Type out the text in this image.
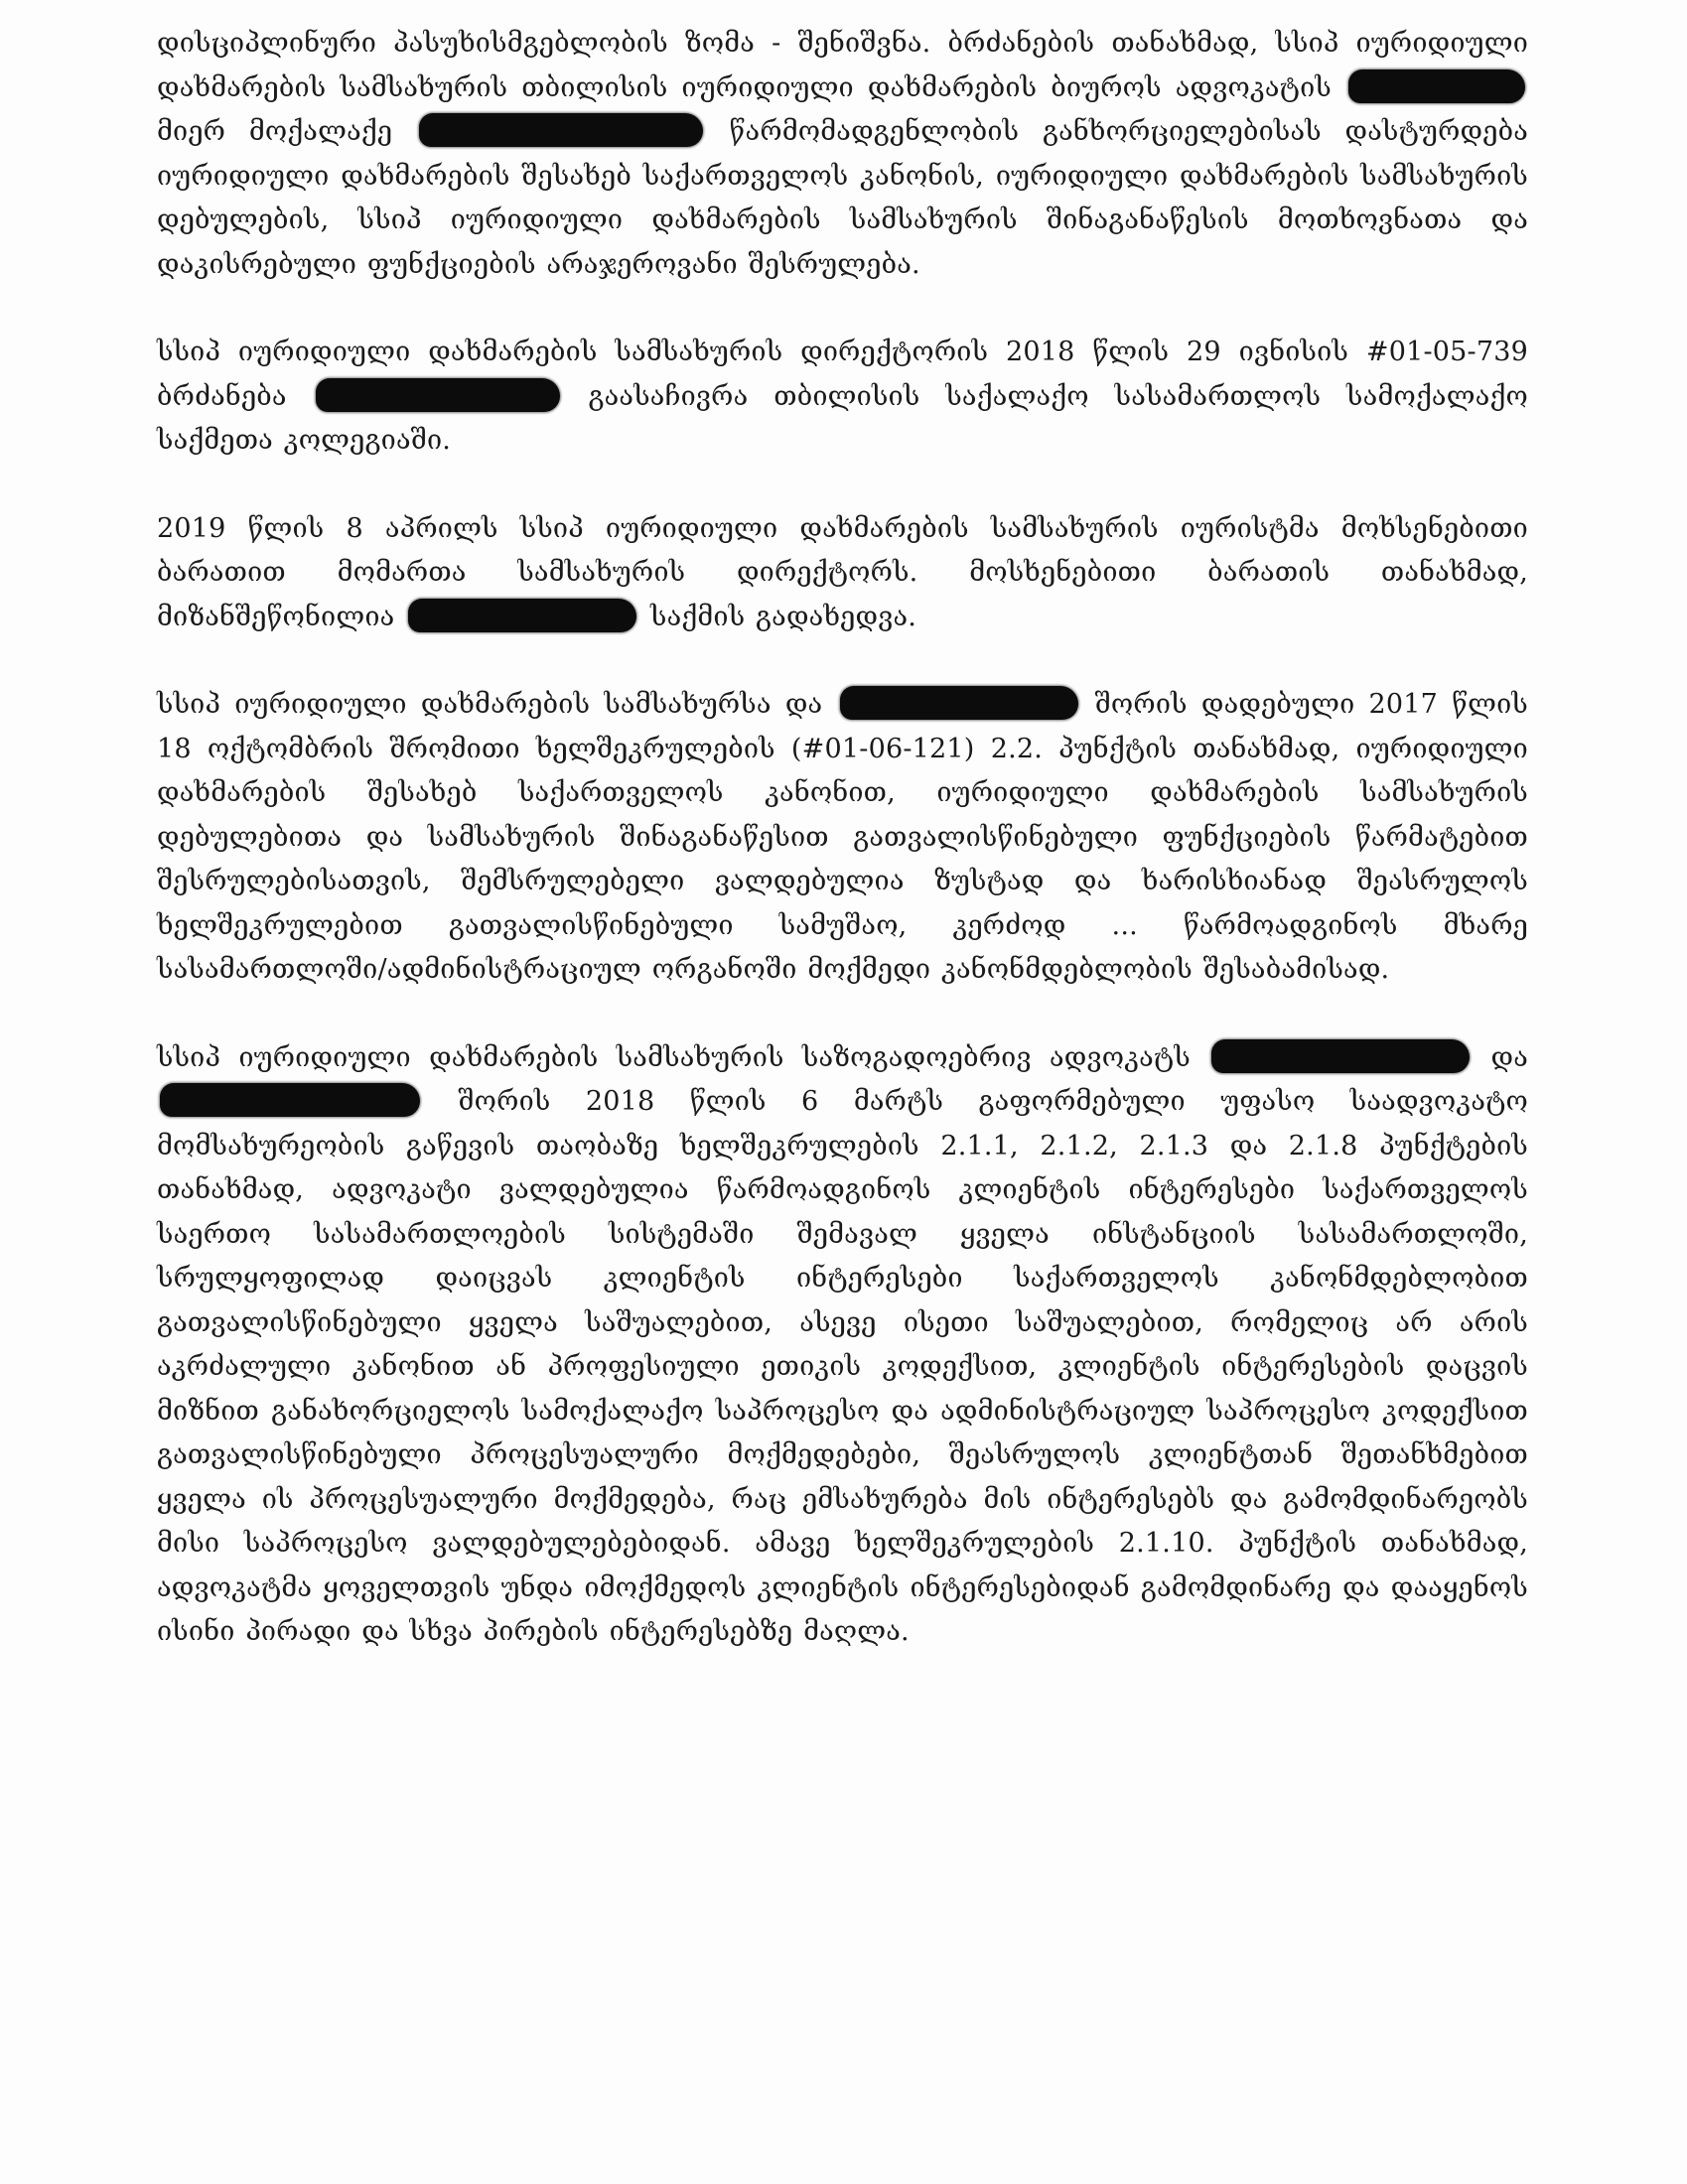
დისციპლინური პასუხისმგებლობის ზომა - შენიშვნა. ბრძანების თანახმად, სსიპ იურიდიული დახმარების სამსახურის თბილისის იურიდიული დახმარების ბიუროს ადვოკატის  მიერ მოქალაქე	წარმომადგენლობის განხორციელებისას დასტურდება იურიდიული დახმარების შესახებ საქართველოს კანონის, იურიდიული დახმარების სამსახურის დებულების, სსიპ იურიდიული დახმარების სამსახურის შინაგანაწესის მოთხოვნათა და დაკისრებული ფუნქციების არაჯეროვანი შესრულება.

სსიპ იურიდიული დახმარების სამსახურის დირექტორის 2018 წლის 29 ივნისის #01-05-739 ბრძანება	გაასაჩივრა თბილისის საქალაქო სასამართლოს სამოქალაქო საქმეთა კოლეგიაში.

2019 წლის 8 აპრილს სსიპ იურიდიული დახმარების სამსახურის იურისტმა მოხსენებითი ბარათით მომართა სამსახურის დირექტორს. მოსხენებითი ბარათის თანახმად, მიზანშეწონილია	საქმის გადახედვა.

სსიპ იურიდიული დახმარების სამსახურსა და	შორის დადებული 2017 წლის 18 ოქტომბრის შრომითი ხელშეკრულების (#01-06-121) 2.2. პუნქტის თანახმად, იურიდიული დახმარების შესახებ საქართველოს კანონით, იურიდიული დახმარების სამსახურის დებულებითა და სამსახურის შინაგანაწესით გათვალისწინებული ფუნქციების წარმატებით შესრულებისათვის, შემსრულებელი ვალდებულია ზუსტად და ხარისხიანად შეასრულოს ხელშეკრულებით გათვალისწინებული სამუშაო, კერძოდ ... წარმოადგინოს მხარე სასამართლოში/ადმინისტრაციულ ორგანოში მოქმედი კანონმდებლობის შესაბამისად.

სსიპ იურიდიული დახმარების სამსახურის საზოგადოებრივ ადვოკატს	და  შორის 2018 წლის 6 მარტს გაფორმებული უფასო საადვოკატო მომსახურეობის გაწევის თაობაზე ხელშეკრულების 2.1.1, 2.1.2, 2.1.3 და 2.1.8 პუნქტების თანახმად, ადვოკატი ვალდებულია წარმოადგინოს კლიენტის ინტერესები საქართველოს საერთო სასამართლოების სისტემაში შემავალ ყველა ინსტანციის სასამართლოში, სრულყოფილად დაიცვას კლიენტის ინტერესები საქართველოს კანონმდებლობით გათვალისწინებული ყველა საშუალებით, ასევე ისეთი საშუალებით, რომელიც არ არის აკრძალული კანონით ან პროფესიული ეთიკის კოდექსით, კლიენტის ინტერესების დაცვის მიზნით განახორციელოს სამოქალაქო საპროცესო და ადმინისტრაციულ საპროცესო კოდექსით გათვალისწინებული პროცესუალური მოქმედებები, შეასრულოს კლიენტთან შეთანხმებით ყველა ის პროცესუალური მოქმედება, რაც ემსახურება მის ინტერესებს და გამომდინარეობს მისი საპროცესო ვალდებულებებიდან. ამავე ხელშეკრულების 2.1.10. პუნქტის თანახმად, ადვოკატმა ყოველთვის უნდა იმოქმედოს კლიენტის ინტერესებიდან გამომდინარე და დააყენოს ისინი პირადი და სხვა პირების ინტერესებზე მაღლა.
